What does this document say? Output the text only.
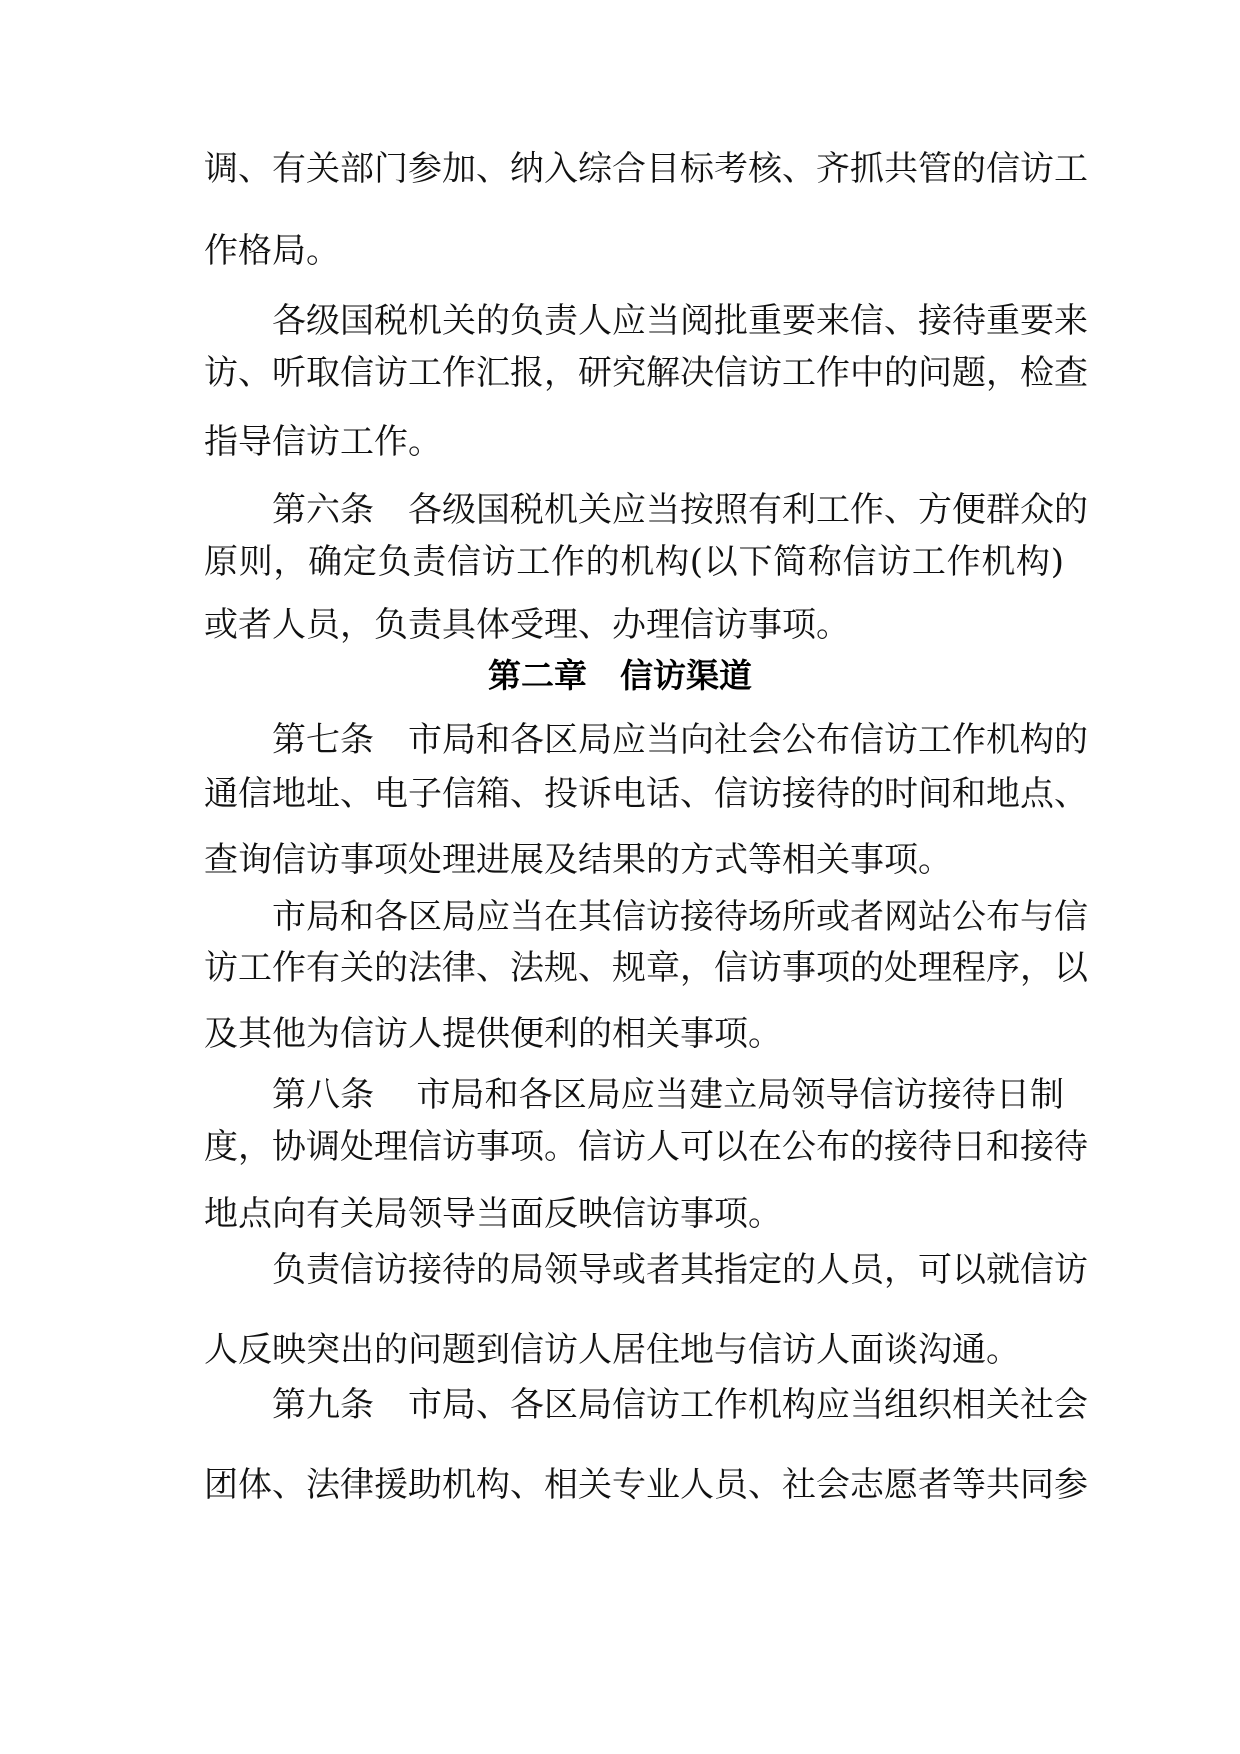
调、有关部门参加、纳入综合目标考核、齐抓共管的信访工
作格局。
各级国税机关的负责人应当阅批重要来信、接待重要来
访、听取信访工作汇报，研究解决信访工作中的问题，检查
指导信访工作。
第六条 各级国税机关应当按照有利工作、方便群众的
原则，确定负责信访工作的机构(以下简称信访工作机构)
或者人员，负责具体受理、办理信访事项。
第二章　信访渠道
第七条 市局和各区局应当向社会公布信访工作机构的
通信地址、电子信箱、投诉电话、信访接待的时间和地点、
查询信访事项处理进展及结果的方式等相关事项。
市局和各区局应当在其信访接待场所或者网站公布与信
访工作有关的法律、法规、规章，信访事项的处理程序，以
及其他为信访人提供便利的相关事项。
第八条 市局和各区局应当建立局领导信访接待日制
度，协调处理信访事项。信访人可以在公布的接待日和接待
地点向有关局领导当面反映信访事项。
负责信访接待的局领导或者其指定的人员，可以就信访
人反映突出的问题到信访人居住地与信访人面谈沟通。
第九条 市局、各区局信访工作机构应当组织相关社会
团体、法律援助机构、相关专业人员、社会志愿者等共同参
